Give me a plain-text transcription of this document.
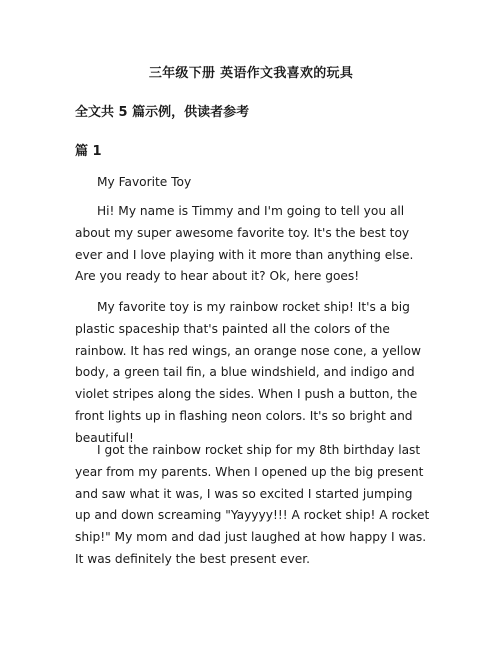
三年级下册 英语作文我喜欢的玩具
全文共 5 篇示例，供读者参考
篇 1
My Favorite Toy

Hi! My name is Timmy and I'm going to tell you all about my super awesome favorite toy. It's the best toy ever and I love playing with it more than anything else. Are you ready to hear about it? Ok, here goes!

My favorite toy is my rainbow rocket ship! It's a big plastic spaceship that's painted all the colors of the rainbow. It has red wings, an orange nose cone, a yellow body, a green tail fin, a blue windshield, and indigo and violet stripes along the sides. When I push a button, the front lights up in flashing neon colors. It's so bright and beautiful!

I got the rainbow rocket ship for my 8th birthday last year from my parents. When I opened up the big present and saw what it was, I was so excited I started jumping up and down screaming "Yayyyy!!! A rocket ship! A rocket ship!" My mom and dad just laughed at how happy I was. It was definitely the best present ever.
